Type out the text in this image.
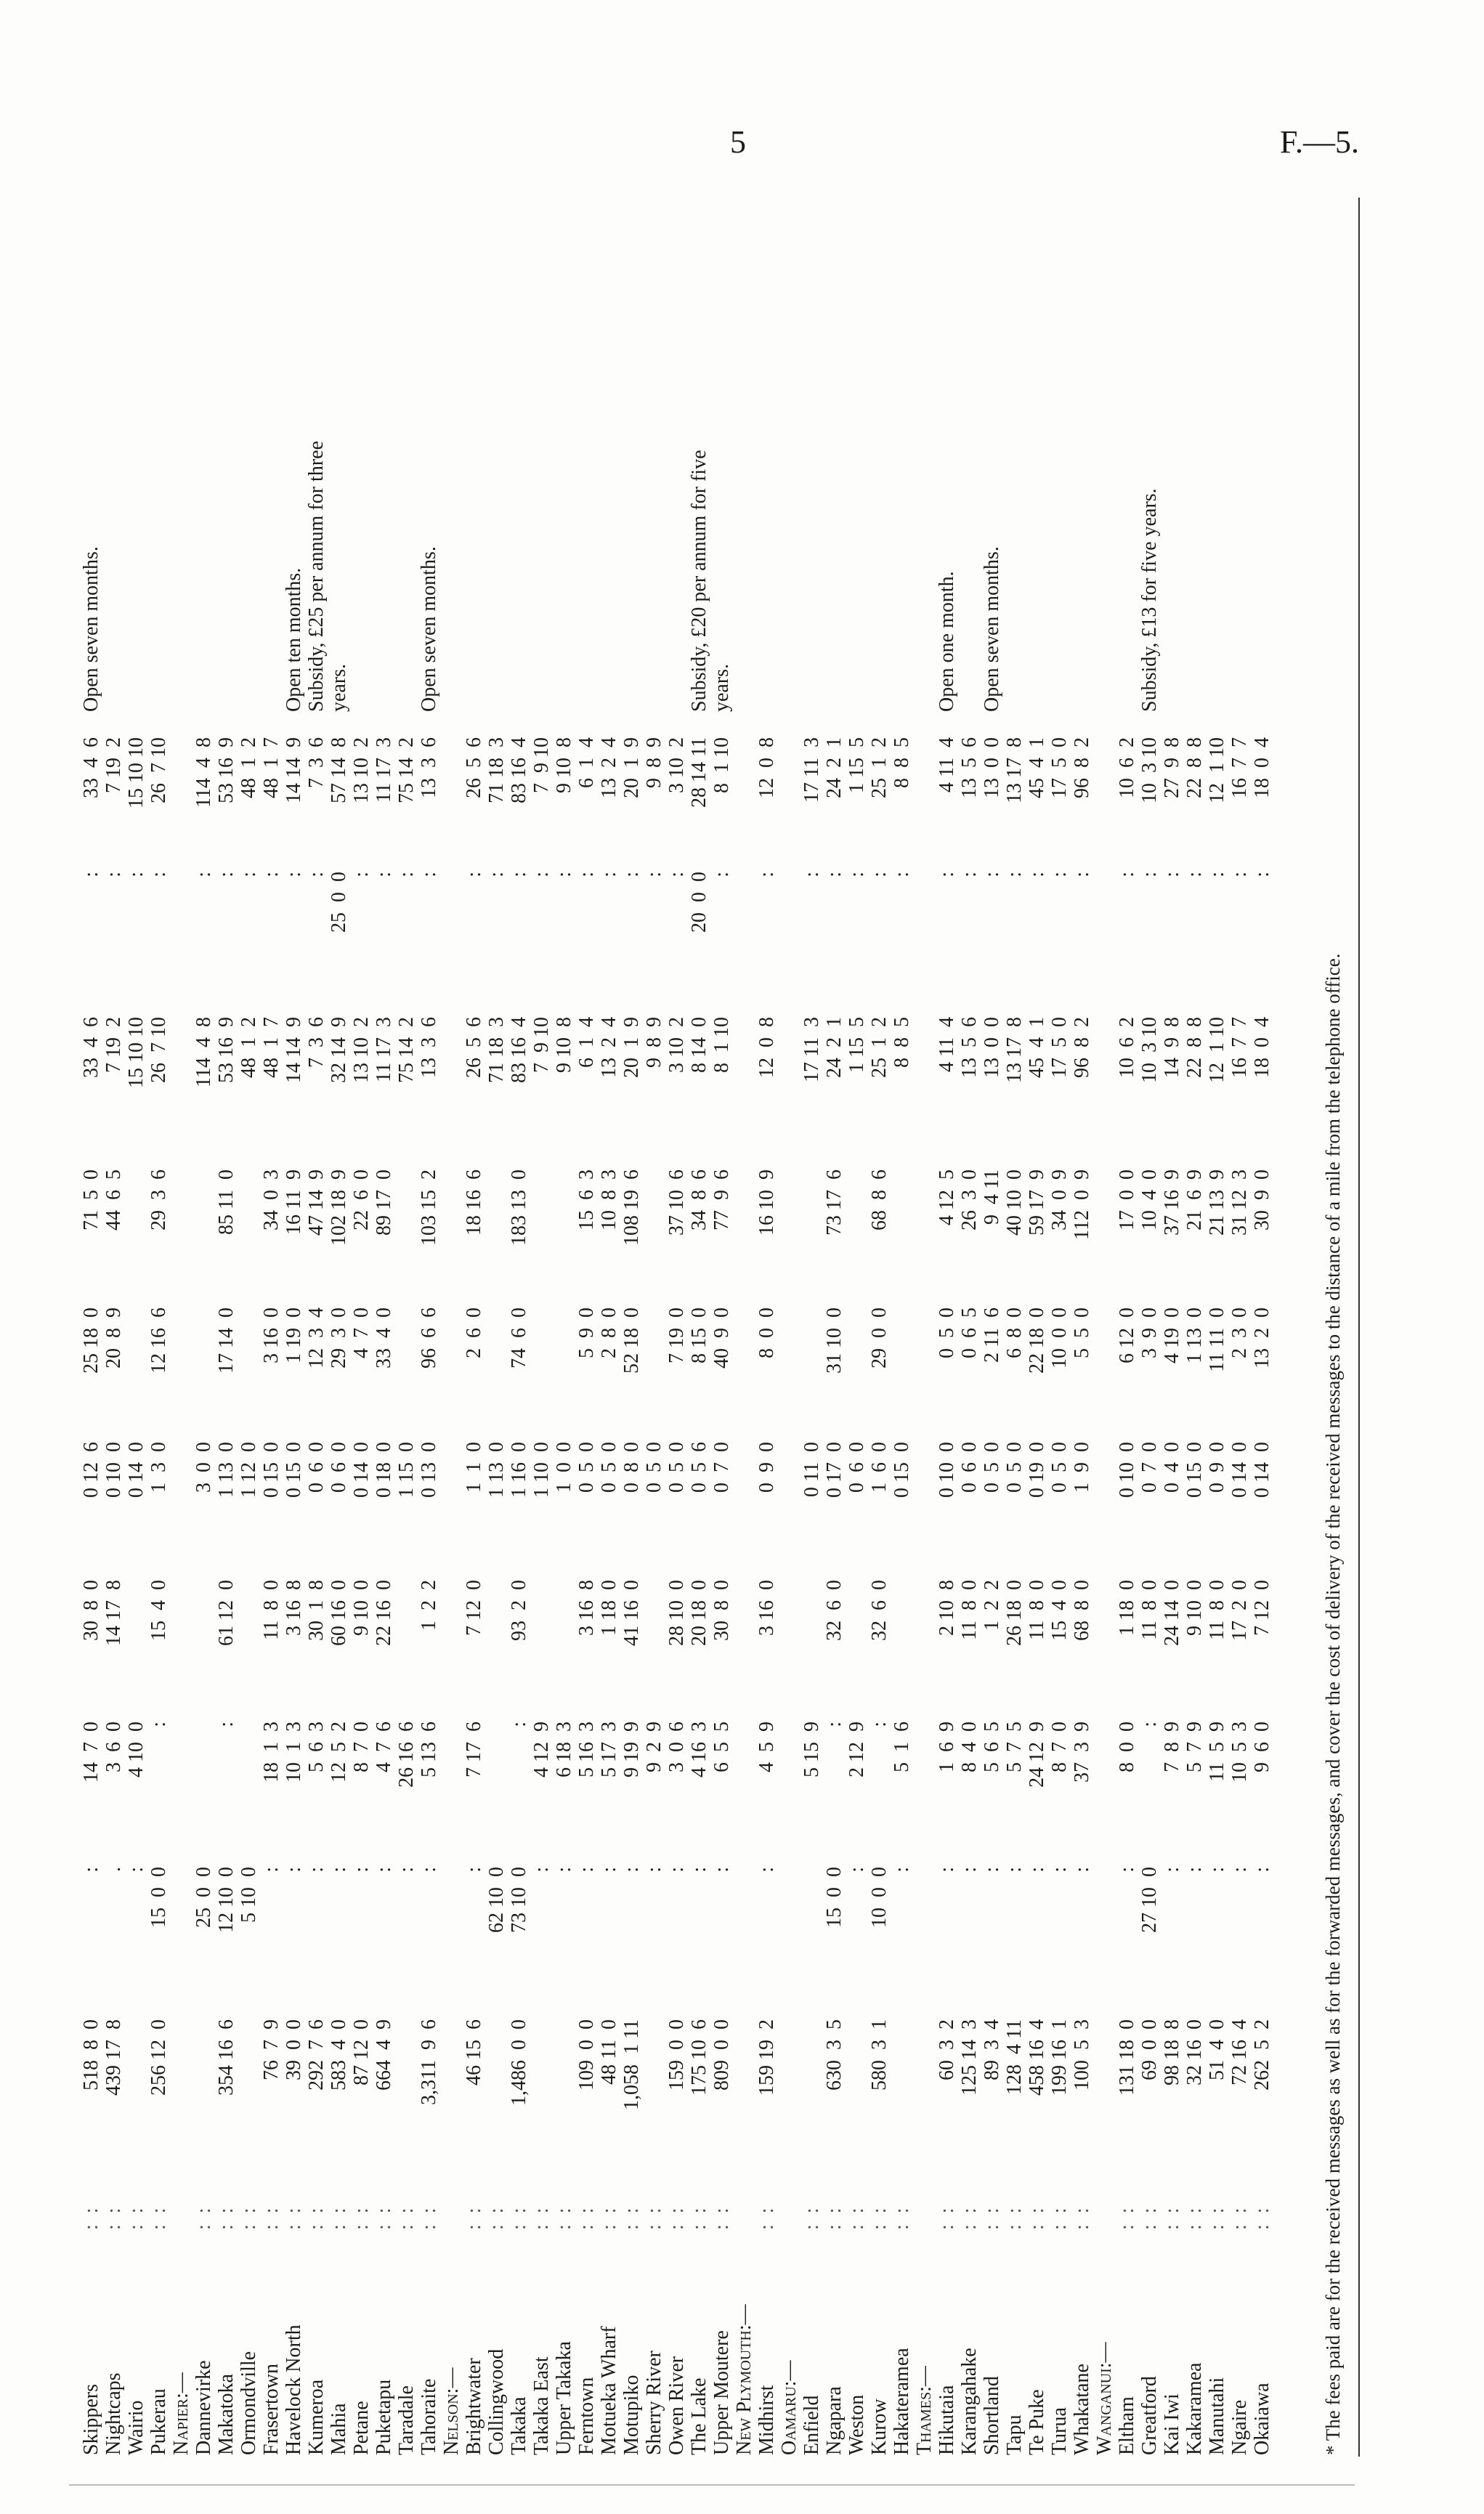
5	F.—5.
Skippers
: :
518  8  0
:
14  7  0
30  8  0
0 12  6
25 18  0
71  5  0
33  4  6
:
33  4  6
Open seven months.
Nightcaps
: :
439 17  8
.
3  6  0
14 17  8
0 10  0
20  8  9
44  6  5
7 19  2
:
7 19  2
Wairio
: :
:
4 10  0
0 14  0
15 10 10
:
15 10 10
Pukerau
: :
256 12  0
15  0  0
:
15  4  0
1  3  0
12 16  6
29  3  6
26  7 10
:
26  7 10
Napier:— Dannevirke
: :
25  0  0
3  0  0
114  4  8
:
114  4  8
Makatoka
: :
354 16  6
12 10  0
:
61 12  0
1 13  0
17 14  0
85 11  0
53 16  9
:
53 16  9
Ormondville
: :
5 10  0
1 12  0
48  1  2
:
48  1  2
Frasertown
: :
76  7  9
:
18  1  3
11  8  0
0 15  0
3 16  0
34  0  3
48  1  7
:
48  1  7
Havelock North
: :
39  0  0
:
10  1  3
3 16  8
0 15  0
1 19  0
16 11  9
14 14  9
:
14 14  9
Open ten months.
Kumeroa
: :
292  7  6
:
5  6  3
30  1  8
0  6  0
12  3  4
47 14  9
7  3  6
:
7  3  6
Subsidy, £25 per annum for three
Mahia
: :
583  4  0
:
12  5  2
60 16  0
0  6  0
29  3  0
102 18  9
32 14  9
25  0  0
57 14  8
years.
Petane
: :
87 12  0
:
8  7  0
9 10  0
0 14  0
4  7  0
22  6  0
13 10  2
:
13 10  2
Puketapu
: :
664  4  9
:
4  7  6
22 16  0
0 18  0
33  4  0
89 17  0
11 17  3
:
11 17  3
Taradale
: :
:
26 16  6
1 15  0
75 14  2
:
75 14  2
Tahoraite
: :
3,311  9  6
:
5 13  6
1  2  2
0 13  0
96  6  6
103 15  2
13  3  6
:
13  3  6
Open seven months.
Nelson:— Brightwater
: :
46 15  6
:
7 17  6
7 12  0
1  1  0
2  6  0
18 16  6
26  5  6
:
26  5  6
Collingwood
: :
62 10  0
1 13  0
71 18  3
:
71 18  3
Takaka
: :
1,486  0  0
73 10  0
:
93  2  0
1 16  0
74  6  0
183 13  0
83 16  4
:
83 16  4
Takaka East
: :
:
4 12  9
1 10  0
7  9 10
:
7  9 10
Upper Takaka
: :
:
6 18  3
1  0  0
9 10  8
:
9 10  8
Ferntown
: :
109  0  0
:
5 16  3
3 16  8
0  5  0
5  9  0
15  6  3
6  1  4
:
6  1  4
Motueka Wharf
: :
48 11  0
:
5 17  3
1 18  0
0  5  0
2  8  0
10  8  3
13  2  4
:
13  2  4
Motupiko
: :
1,058  1 11
:
9 19  9
41 16  0
0  8  0
52 18  0
108 19  6
20  1  9
:
20  1  9
Sherry River
: :
:
9  2  9
0  5  0
9  8  9
:
9  8  9
Owen River
: :
159  0  0
:
3  0  6
28 10  0
0  5  0
7 19  0
37 10  6
3 10  2
:
3 10  2
The Lake
: :
175 10  6
:
4 16  3
20 18  0
0  5  6
8 15  0
34  8  6
8 14  0
20  0  0
28 14 11
Subsidy, £20 per annum for five
Upper Moutere
: :
809  0  0
:
6  5  5
30  8  0
0  7  0
40  9  0
77  9  6
8  1 10
:
8  1 10
years.
New Plymouth:— Midhirst
: :
159 19  2
:
4  5  9
3 16  0
0  9  0
8  0  0
16 10  9
12  0  8
:
12  0  8
Oamaru:— Enfield
: :
5 15  9
0 11  0
17 11  3
:
17 11  3
Ngapara
: :
630  3  5
15  0  0
:
32  6  0
0 17  0
31 10  0
73 17  6
24  2  1
:
24  2  1
Weston
: :
:
2 12  9
0  6  0
1 15  5
:
1 15  5
Kurow
: :
580  3  1
10  0  0
:
32  6  0
1  6  0
29  0  0
68  8  6
25  1  2
:
25  1  2
Hakateramea
: :
:
5  1  6
0 15  0
8  8  5
:
8  8  5
Thames:— Hikutaia
: :
60  3  2
:
1  6  9
2 10  8
0 10  0
0  5  0
4 12  5
4 11  4
:
4 11  4
Open one month.
Karangahake
: :
125 14  3
:
8  4  0
11  8  0
0  6  0
0  6  5
26  3  0
13  5  6
:
13  5  6
Shortland
: :
89  3  4
:
5  6  5
1  2  2
0  5  0
2 11  6
9  4 11
13  0  0
:
13  0  0
Open seven months.
Tapu
: :
128  4 11
:
5  7  5
26 18  0
0  5  0
6  8  0
40 10  0
13 17  8
:
13 17  8
Te Puke
: :
458 16  4
:
24 12  9
11  8  0
0 19  0
22 18  0
59 17  9
45  4  1
:
45  4  1
Turua
: :
199 16  1
:
8  7  0
15  4  0
0  5  0
10  0  0
34  0  9
17  5  0
:
17  5  0
Whakatane
: :
100  5  3
:
37  3  9
68  8  0
1  9  0
5  5  0
112  0  9
96  8  2
:
96  8  2
Wanganui:— Eltham
: :
131 18  0
:
8  0  0
1 18  0
0 10  0
6 12  0
17  0  0
10  6  2
:
10  6  2
Greatford
: :
69  0  0
27 10  0
:
11  8  0
0  7  0
3  9  0
10  4  0
10  3 10
:
10  3 10
Subsidy, £13 for five years.
Kai Iwi
: :
98 18  8
:
7  8  9
24 14  0
0  4  0
4 19  0
37 16  9
14  9  8
:
27  9  8
Kakaramea
: :
32 16  0
:
5  7  9
9 10  0
0 15  0
1 13  0
21  6  9
22  8  8
:
22  8  8
Manutahi
: :
51  4  0
:
11  5  9
11  8  0
0  9  0
11 11  0
21 13  9
12  1 10
:
12  1 10
Ngaire
: :
72 16  4
:
10  5  3
17  2  0
0 14  0
2  3  0
31 12  3
16  7  7
:
16  7  7
Okaiawa
: :
262  5  2
:
9  6  0
7 12  0
0 14  0
13  2  0
30  9  0
18  0  4
:
18  0  4
* The fees paid are for the received messages as well as for the forwarded messages, and cover the cost of delivery of the received messages to the distance of a mile from the telephone office.
